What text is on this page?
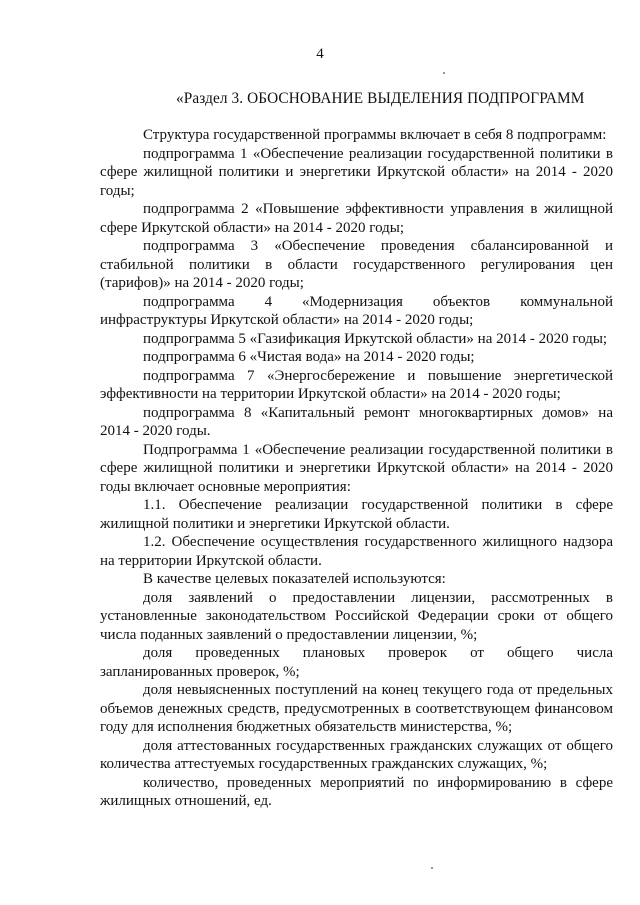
4
«Раздел 3. ОБОСНОВАНИЕ ВЫДЕЛЕНИЯ ПОДПРОГРАММ

Структура государственной программы включает в себя 8 подпрограмм:

подпрограмма 1 «Обеспечение реализации государственной политики в сфере жилищной политики и энергетики Иркутской области» на 2014 - 2020 годы;

подпрограмма 2 «Повышение эффективности управления в жилищной сфере Иркутской области» на 2014 - 2020 годы;

подпрограмма 3 «Обеспечение проведения сбалансированной и стабильной политики в области государственного регулирования цен (тарифов)» на 2014 - 2020 годы;

подпрограмма 4 «Модернизация объектов коммунальной инфраструктуры Иркутской области» на 2014 - 2020 годы;

подпрограмма 5 «Газификация Иркутской области» на 2014 - 2020 годы;

подпрограмма 6 «Чистая вода» на 2014 - 2020 годы;

подпрограмма 7 «Энергосбережение и повышение энергетической эффективности на территории Иркутской области» на 2014 - 2020 годы;

подпрограмма 8 «Капитальный ремонт многоквартирных домов» на 2014 - 2020 годы.

Подпрограмма 1 «Обеспечение реализации государственной политики в сфере жилищной политики и энергетики Иркутской области» на 2014 - 2020 годы включает основные мероприятия:

1.1. Обеспечение реализации государственной политики в сфере жилищной политики и энергетики Иркутской области.

1.2. Обеспечение осуществления государственного жилищного надзора на территории Иркутской области.

В качестве целевых показателей используются:

доля заявлений о предоставлении лицензии, рассмотренных в установленные законодательством Российской Федерации сроки от общего числа поданных заявлений о предоставлении лицензии, %;

доля проведенных плановых проверок от общего числа запланированных проверок, %;

доля невыясненных поступлений на конец текущего года от предельных объемов денежных средств, предусмотренных в соответствующем финансовом году для исполнения бюджетных обязательств министерства, %;

доля аттестованных государственных гражданских служащих от общего количества аттестуемых государственных гражданских служащих, %;

количество, проведенных мероприятий по информированию в сфере жилищных отношений, ед.
